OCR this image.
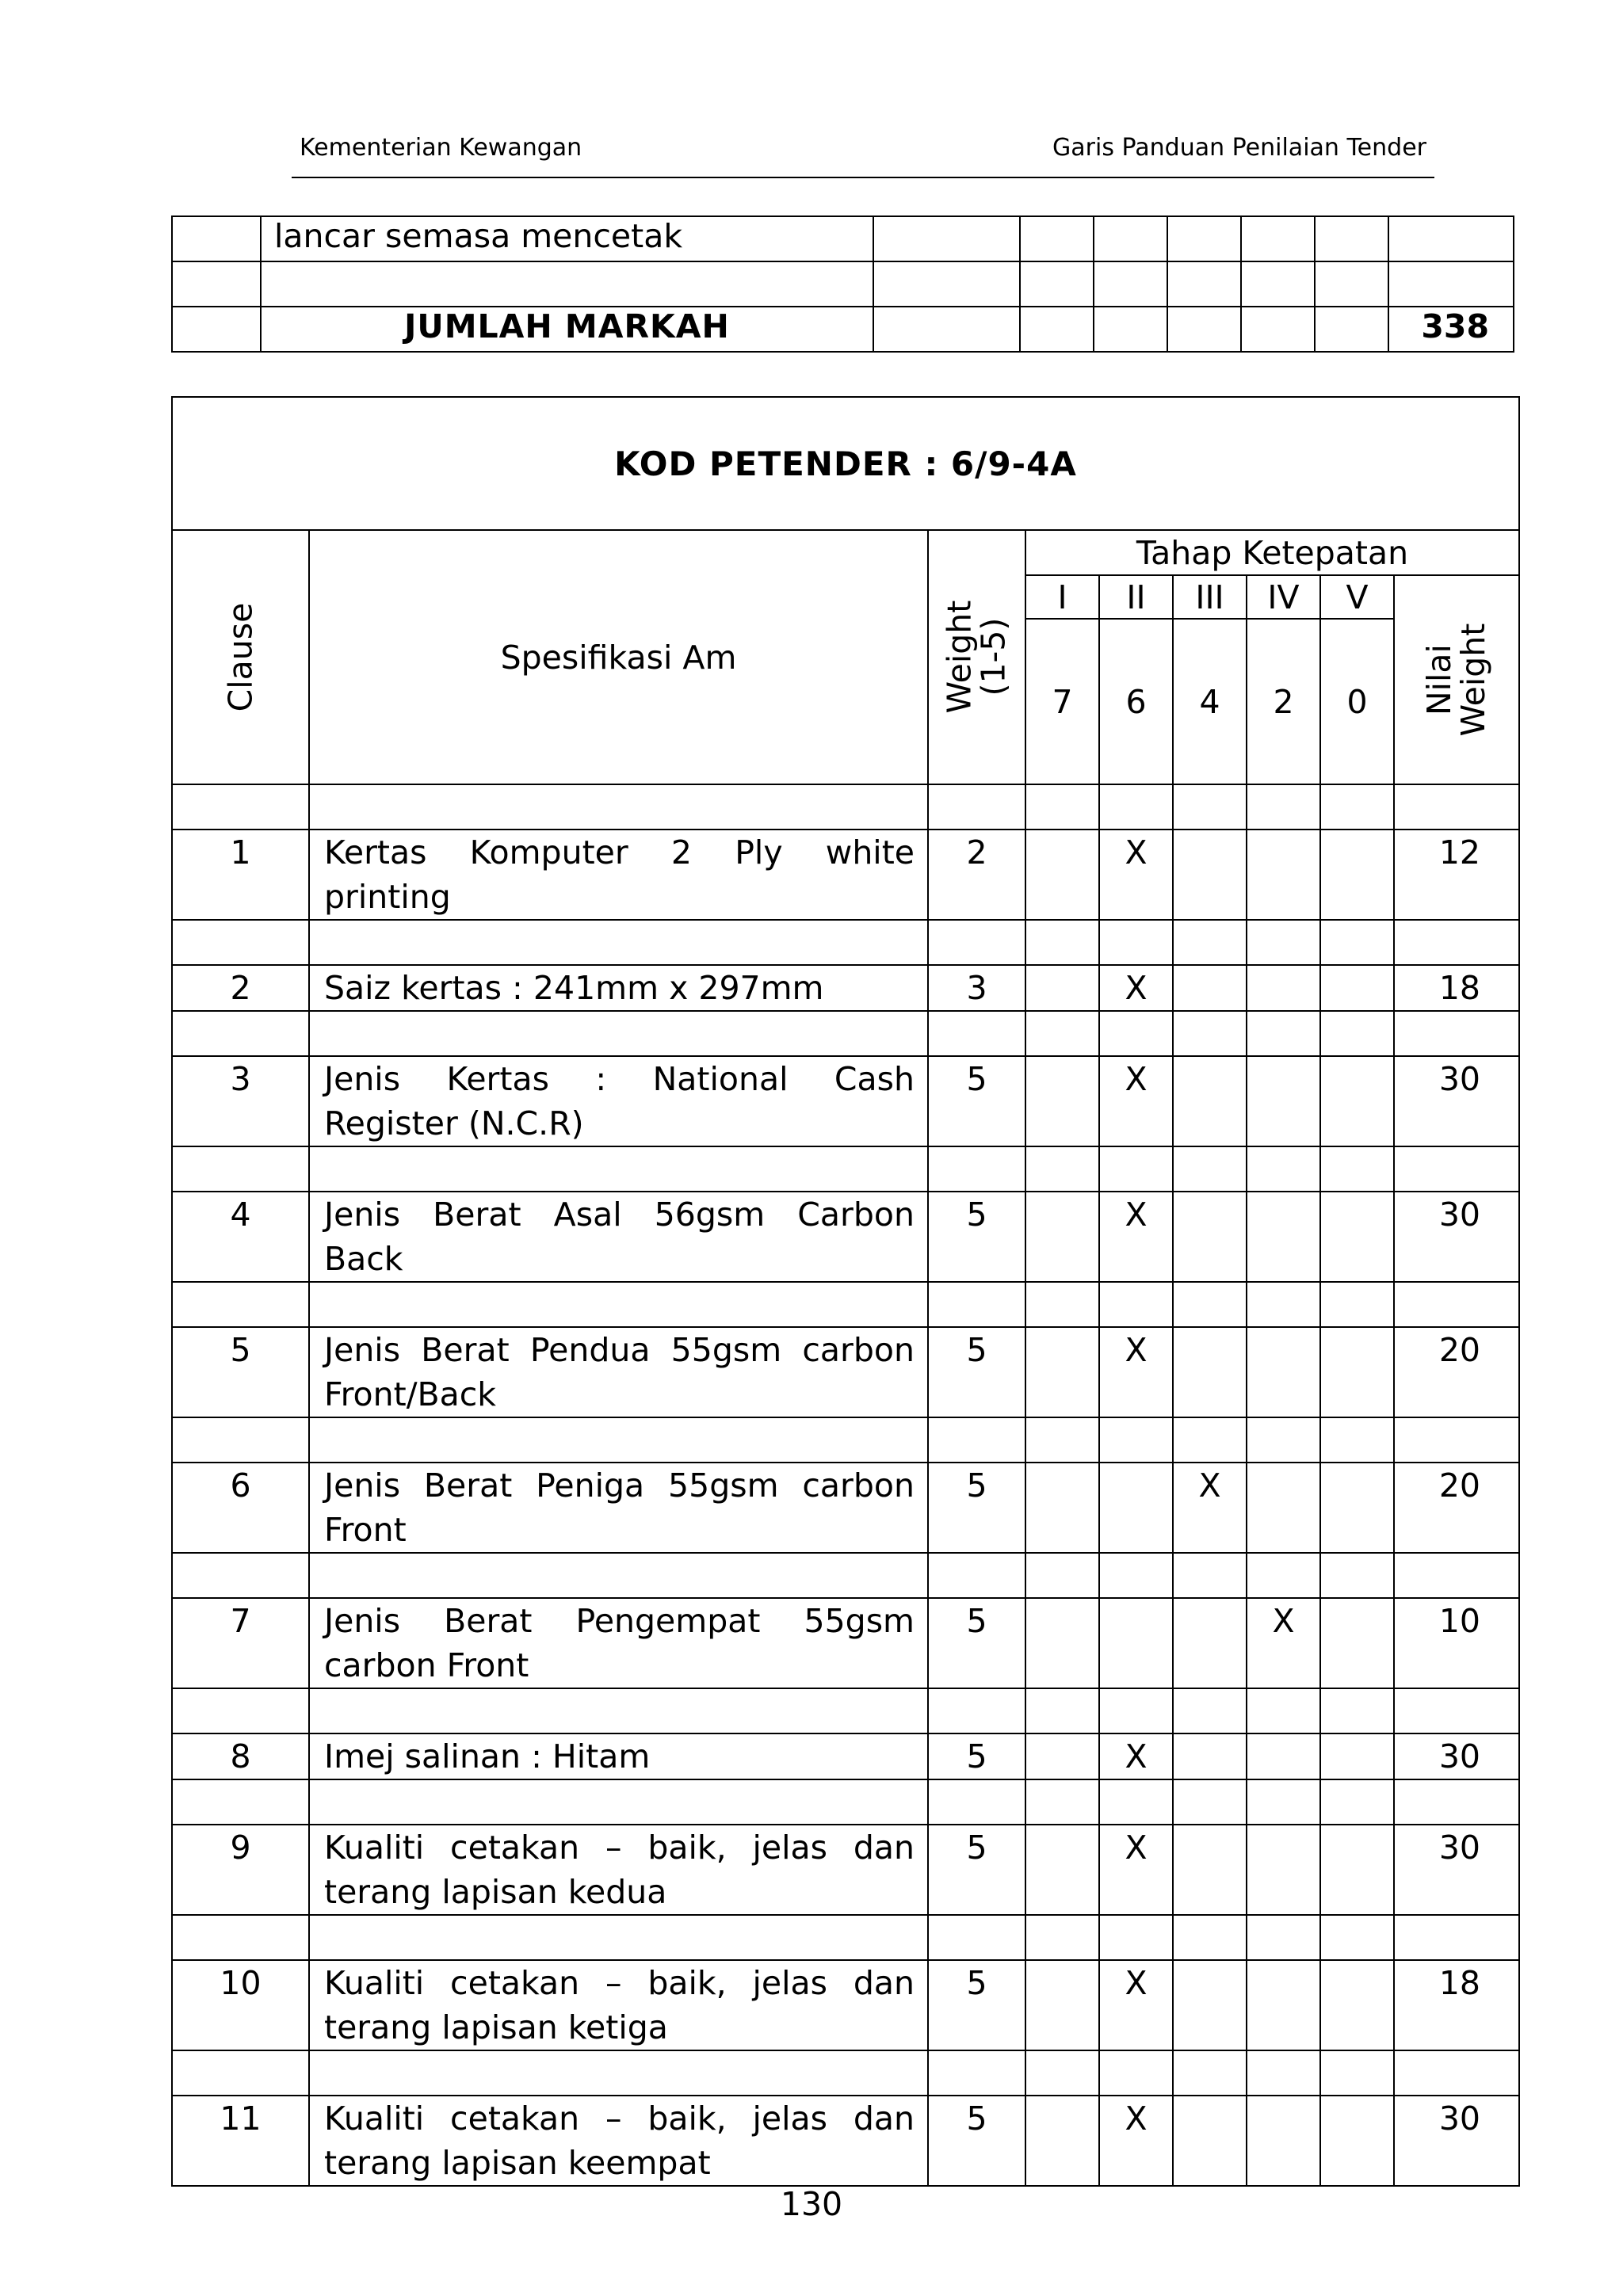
Kementerian Kewangan	Garis Panduan Penilaian Tender
	lancar semasa mencetak							

	JUMLAH MARKAH							338
KOD PETENDER : 6/9-4A								

Clause	Spesifikasi Am	Weight (1-5)	Tahap Ketepatan					
			I	II	III	IV	V	Nilai Weight

			7	6	4	2	0	

1	Kertas Komputer 2 Ply white printing	2		X				12

2	Saiz kertas : 241mm x 297mm	3		X				18

3	Jenis Kertas : National Cash Register (N.C.R)	5		X				30

4	Jenis Berat Asal 56gsm Carbon Back	5		X				30

5	Jenis Berat Pendua 55gsm carbon Front/Back	5		X				20

6	Jenis Berat Peniga 55gsm carbon Front	5			X			20

7	Jenis Berat Pengempat 55gsm carbon Front	5				X		10

8	Imej salinan : Hitam	5		X				30

9	Kualiti cetakan – baik, jelas dan terang lapisan kedua	5		X				30

10	Kualiti cetakan – baik, jelas dan terang lapisan ketiga	5		X				18

11	Kualiti cetakan – baik, jelas dan terang lapisan keempat	5		X				30
130
